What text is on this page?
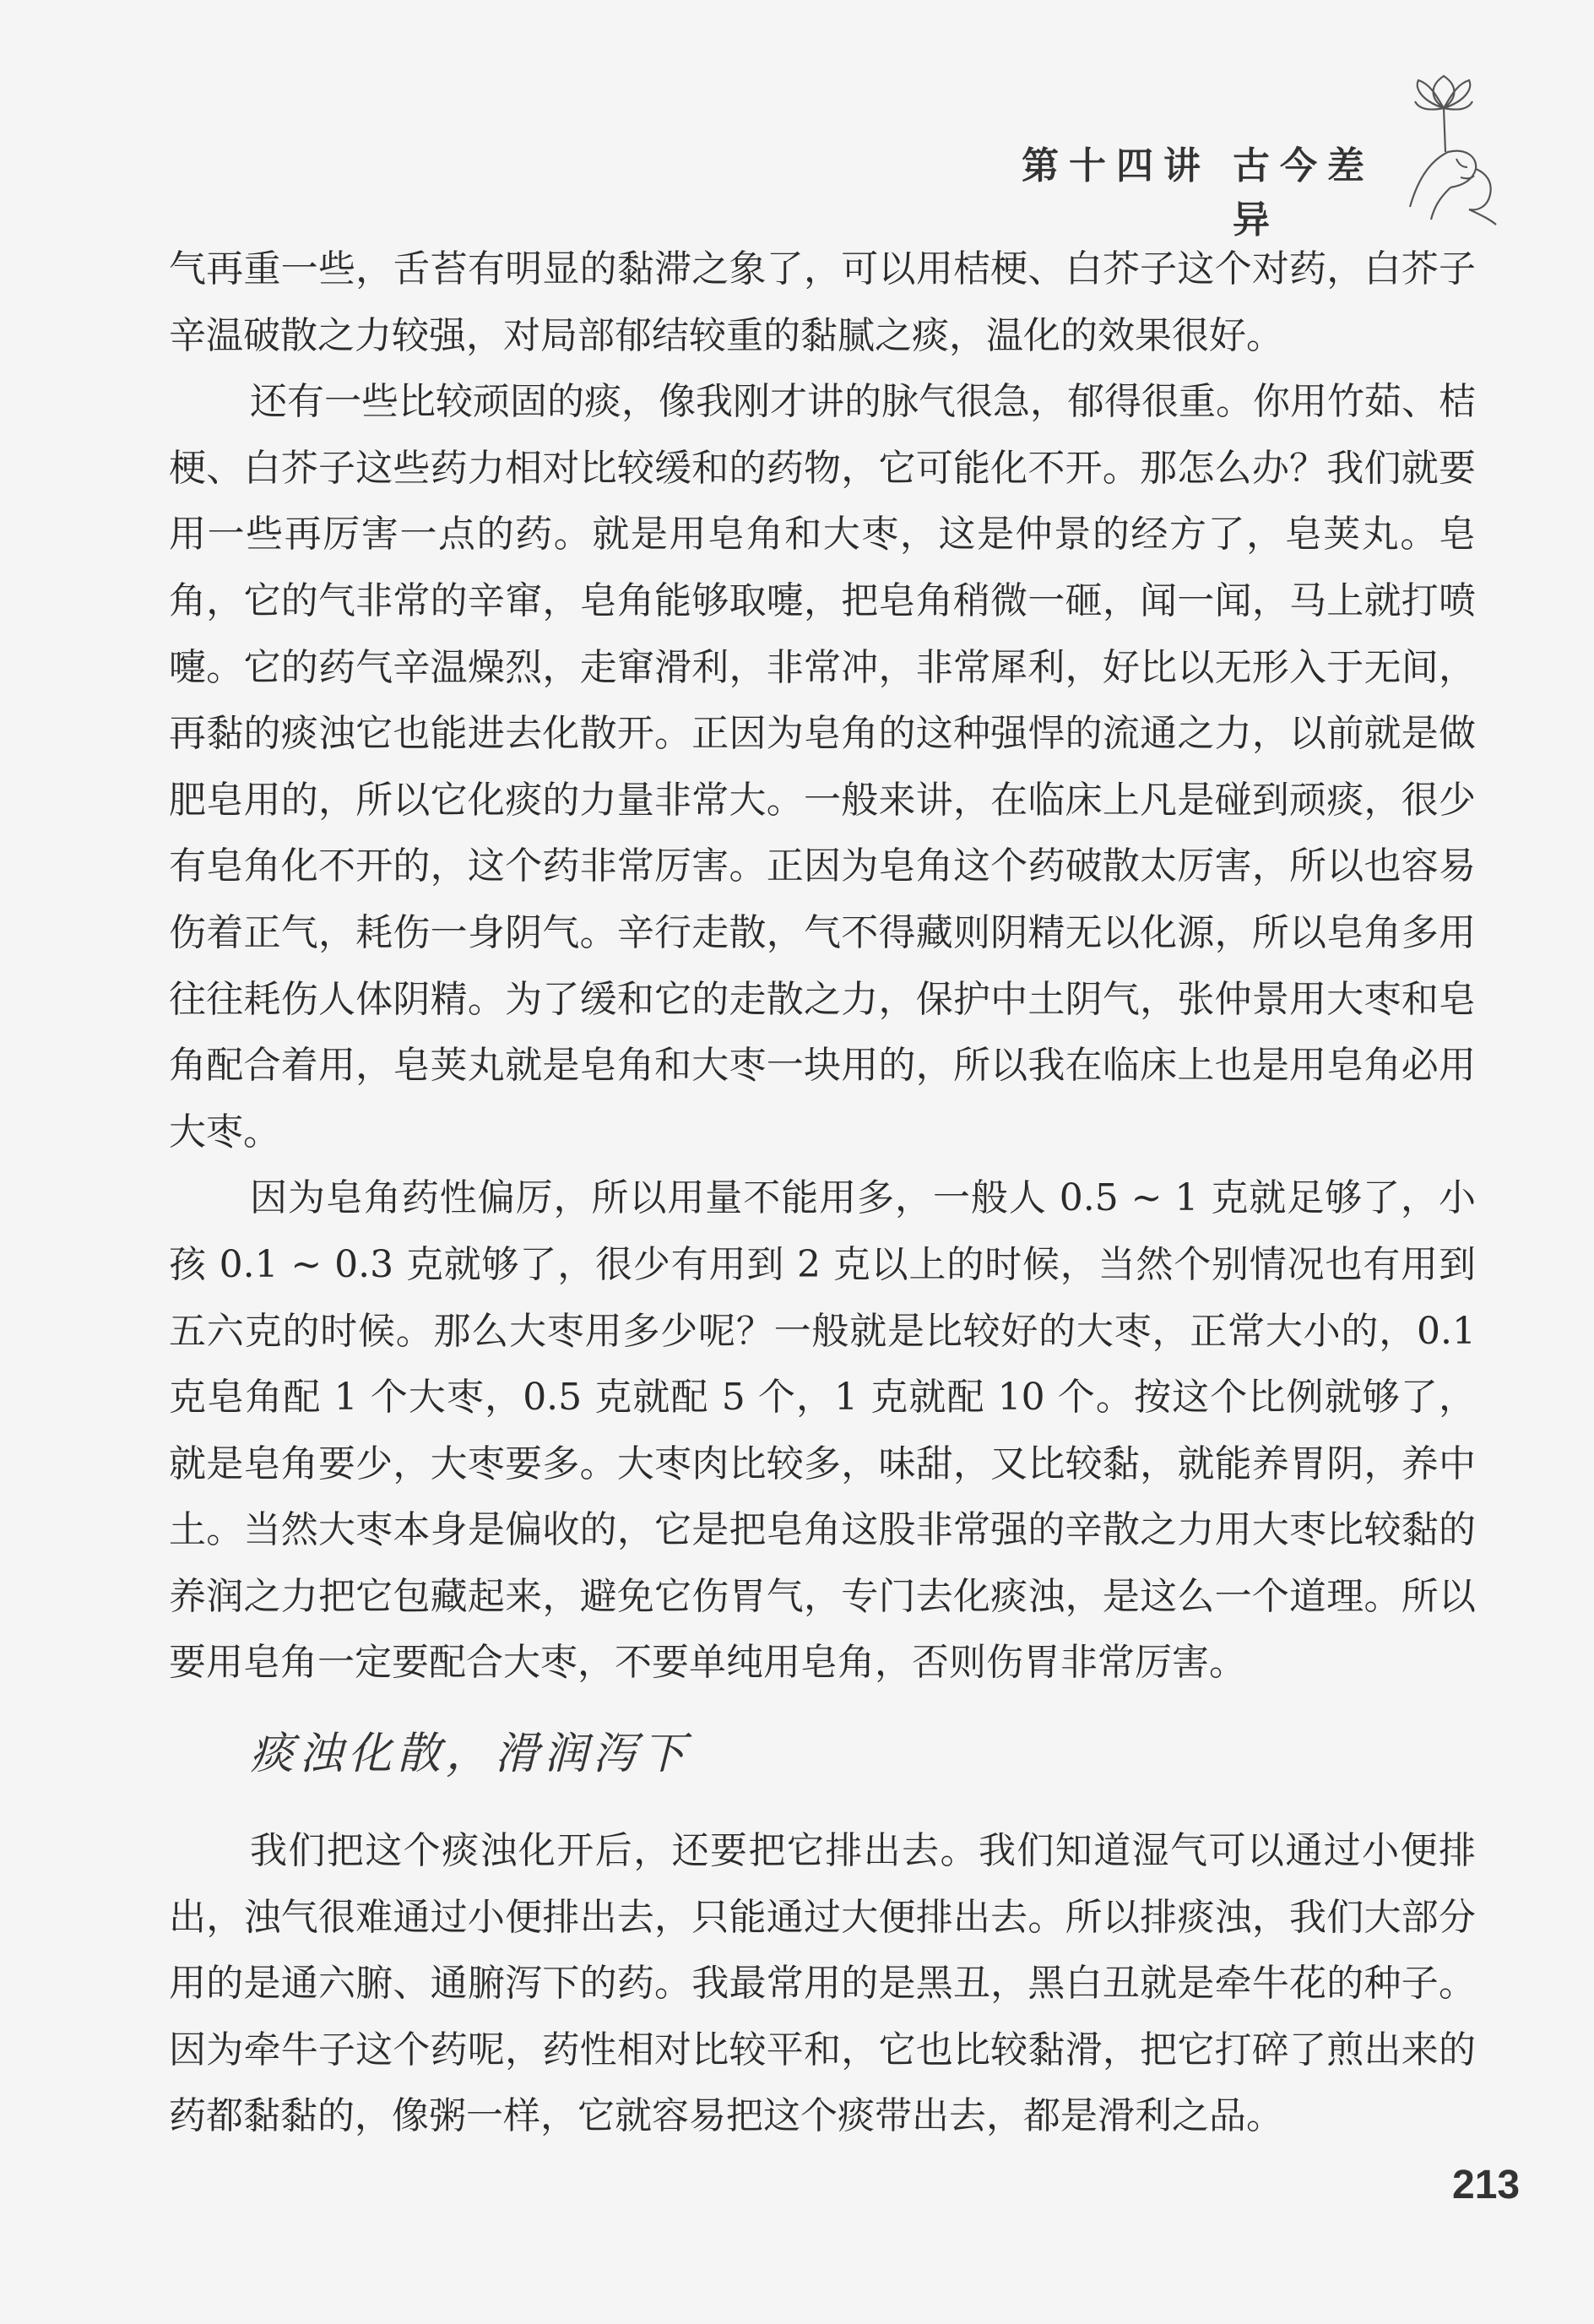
第十四讲 古今差异

气再重一些，舌苔有明显的黏滞之象了，可以用桔梗、白芥子这个对药，白芥子辛温破散之力较强，对局部郁结较重的黏腻之痰，温化的效果很好。

还有一些比较顽固的痰，像我刚才讲的脉气很急，郁得很重。你用竹茹、桔梗、白芥子这些药力相对比较缓和的药物，它可能化不开。那怎么办？我们就要用一些再厉害一点的药。就是用皂角和大枣，这是仲景的经方了，皂荚丸。皂角，它的气非常的辛窜，皂角能够取嚏，把皂角稍微一砸，闻一闻，马上就打喷嚏。它的药气辛温燥烈，走窜滑利，非常冲，非常犀利，好比以无形入于无间，再黏的痰浊它也能进去化散开。正因为皂角的这种强悍的流通之力，以前就是做肥皂用的，所以它化痰的力量非常大。一般来讲，在临床上凡是碰到顽痰，很少有皂角化不开的，这个药非常厉害。正因为皂角这个药破散太厉害，所以也容易伤着正气，耗伤一身阴气。辛行走散，气不得藏则阴精无以化源，所以皂角多用往往耗伤人体阴精。为了缓和它的走散之力，保护中土阴气，张仲景用大枣和皂角配合着用，皂荚丸就是皂角和大枣一块用的，所以我在临床上也是用皂角必用大枣。

因为皂角药性偏厉，所以用量不能用多，一般人 0.5 ~ 1 克就足够了，小孩 0.1 ~ 0.3 克就够了，很少有用到 2 克以上的时候，当然个别情况也有用到五六克的时候。那么大枣用多少呢？一般就是比较好的大枣，正常大小的，0.1 克皂角配 1 个大枣，0.5 克就配 5 个，1 克就配 10 个。按这个比例就够了，就是皂角要少，大枣要多。大枣肉比较多，味甜，又比较黏，就能养胃阴，养中土。当然大枣本身是偏收的，它是把皂角这股非常强的辛散之力用大枣比较黏的养润之力把它包藏起来，避免它伤胃气，专门去化痰浊，是这么一个道理。所以要用皂角一定要配合大枣，不要单纯用皂角，否则伤胃非常厉害。

痰浊化散，滑润泻下

我们把这个痰浊化开后，还要把它排出去。我们知道湿气可以通过小便排出，浊气很难通过小便排出去，只能通过大便排出去。所以排痰浊，我们大部分用的是通六腑、通腑泻下的药。我最常用的是黑丑，黑白丑就是牵牛花的种子。因为牵牛子这个药呢，药性相对比较平和，它也比较黏滑，把它打碎了煎出来的药都黏黏的，像粥一样，它就容易把这个痰带出去，都是滑利之品。

213
